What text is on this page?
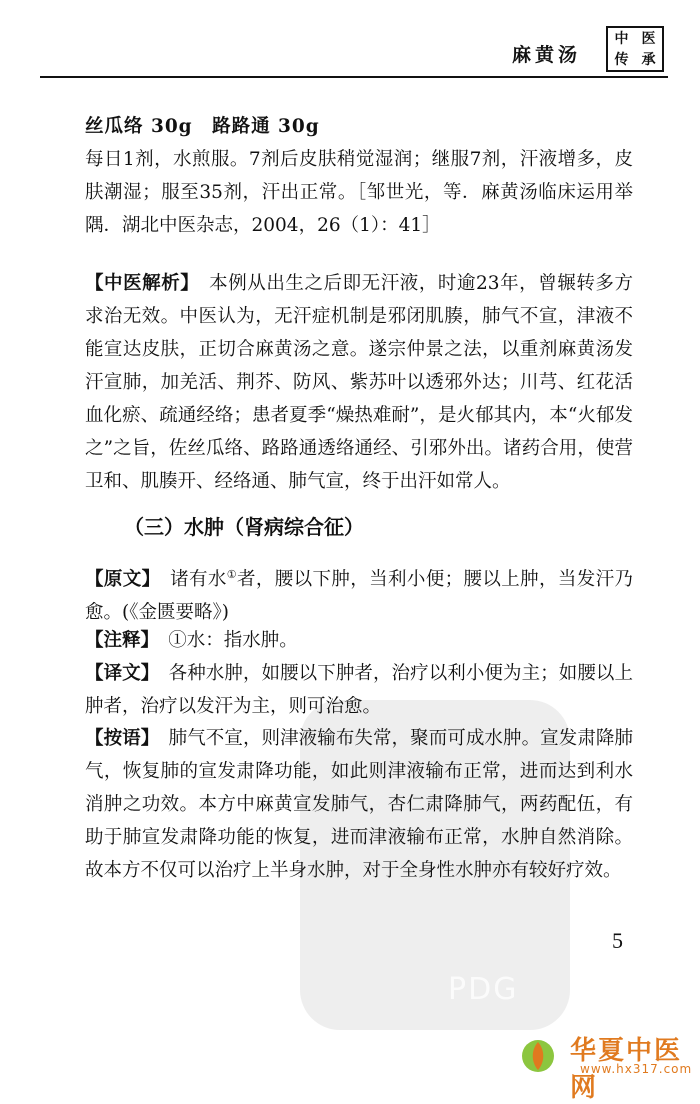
麻黄汤
中 医
传 承
PDG

丝瓜络 30g　路路通 30g

每日1剂，水煎服。7剂后皮肤稍觉湿润；继服7剂，汗液增多，皮肤潮湿；服至35剂，汗出正常。［邹世光，等．麻黄汤临床运用举隅．湖北中医杂志，2004，26（1）：41］

【中医解析】　 本例从出生之后即无汗液，时逾23年，曾辗转多方求治无效。中医认为，无汗症机制是邪闭肌腠，肺气不宣，津液不能宣达皮肤，正切合麻黄汤之意。遂宗仲景之法，以重剂麻黄汤发汗宣肺，加羌活、荆芥、防风、紫苏叶以透邪外达；川芎、红花活血化瘀、疏通经络；患者夏季“燥热难耐”，是火郁其内，本“火郁发之”之旨，佐丝瓜络、路路通透络通经、引邪外出。诸药合用，使营卫和、肌腠开、经络通、肺气宣，终于出汗如常人。

（三）水肿（肾病综合征）

【原文】　 诸有水①者，腰以下肿，当利小便；腰以上肿，当发汗乃愈。(《金匮要略》)

【注释】　 ①水：指水肿。

【译文】　 各种水肿，如腰以下肿者，治疗以利小便为主；如腰以上肿者，治疗以发汗为主，则可治愈。

【按语】　 肺气不宣，则津液输布失常，聚而可成水肿。宣发肃降肺气，恢复肺的宣发肃降功能，如此则津液输布正常，进而达到利水消肿之功效。本方中麻黄宣发肺气，杏仁肃降肺气，两药配伍，有助于肺宣发肃降功能的恢复，进而津液输布正常，水肿自然消除。故本方不仅可以治疗上半身水肿，对于全身性水肿亦有较好疗效。

5
华夏中医网
www.hx317.com
